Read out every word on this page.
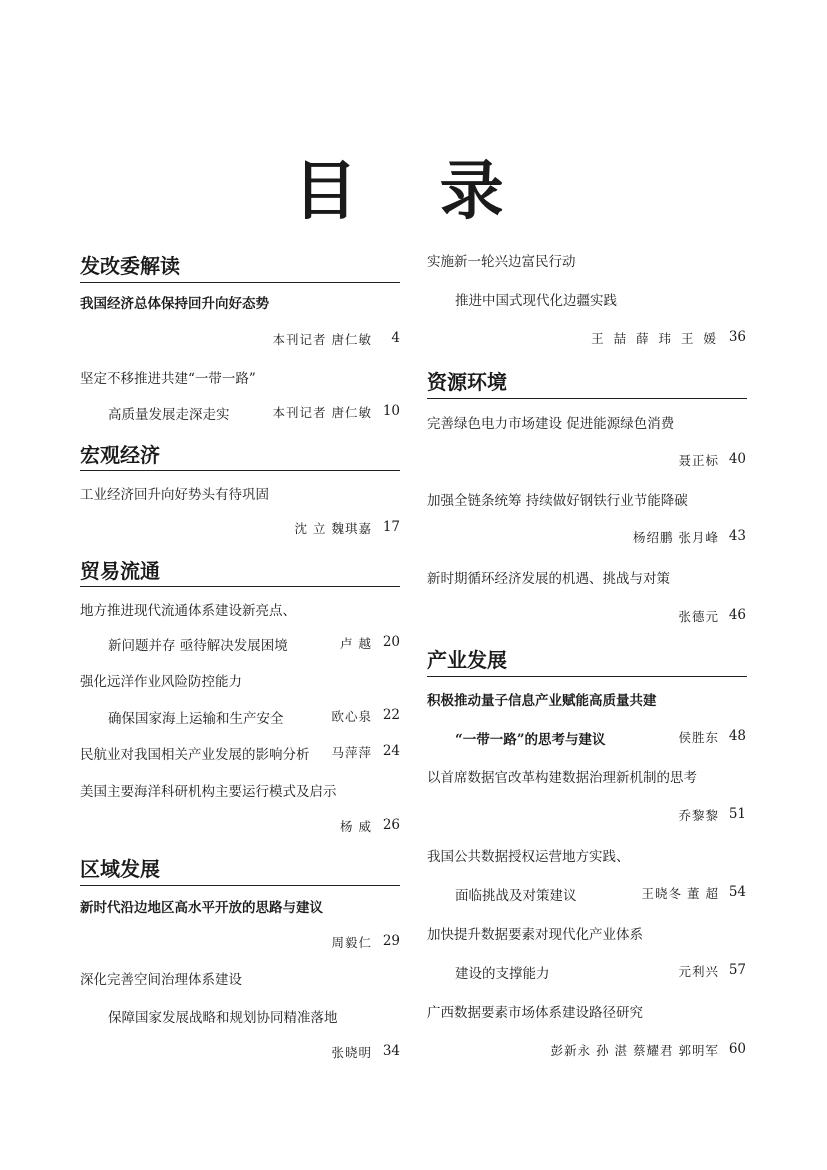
目 录
发改委解读
我国经济总体保持回升向好态势
本刊记者 唐仁敏	4
坚定不移推进共建“一带一路”
高质量发展走深走实	本刊记者 唐仁敏 10
宏观经济
工业经济回升向好势头有待巩固
沈 立 魏琪嘉 17
贸易流通
地方推进现代流通体系建设新亮点、
新问题并存 亟待解决发展困境	卢 越 20
强化远洋作业风险防控能力
确保国家海上运输和生产安全	欧心泉 22
民航业对我国相关产业发展的影响分析 马萍萍 24
美国主要海洋科研机构主要运行模式及启示
杨 威 26
区域发展
新时代沿边地区高水平开放的思路与建议
周毅仁 29
深化完善空间治理体系建设
保障国家发展战略和规划协同精准落地
张晓明 34
实施新一轮兴边富民行动
推进中国式现代化边疆实践
王 喆 薛 玮 王 媛 36
资源环境
完善绿色电力市场建设 促进能源绿色消费
聂正标 40
加强全链条统筹 持续做好钢铁行业节能降碳
杨绍鹏 张月峰 43
新时期循环经济发展的机遇、挑战与对策
张德元 46
产业发展
积极推动量子信息产业赋能高质量共建
“一带一路”的思考与建议	侯胜东 48
以首席数据官改革构建数据治理新机制的思考
乔黎黎 51
我国公共数据授权运营地方实践、
面临挑战及对策建议	王晓冬 董 超 54
加快提升数据要素对现代化产业体系
建设的支撑能力	元利兴 57
广西数据要素市场体系建设路径研究
彭新永 孙 湛 蔡耀君 郭明军 60
